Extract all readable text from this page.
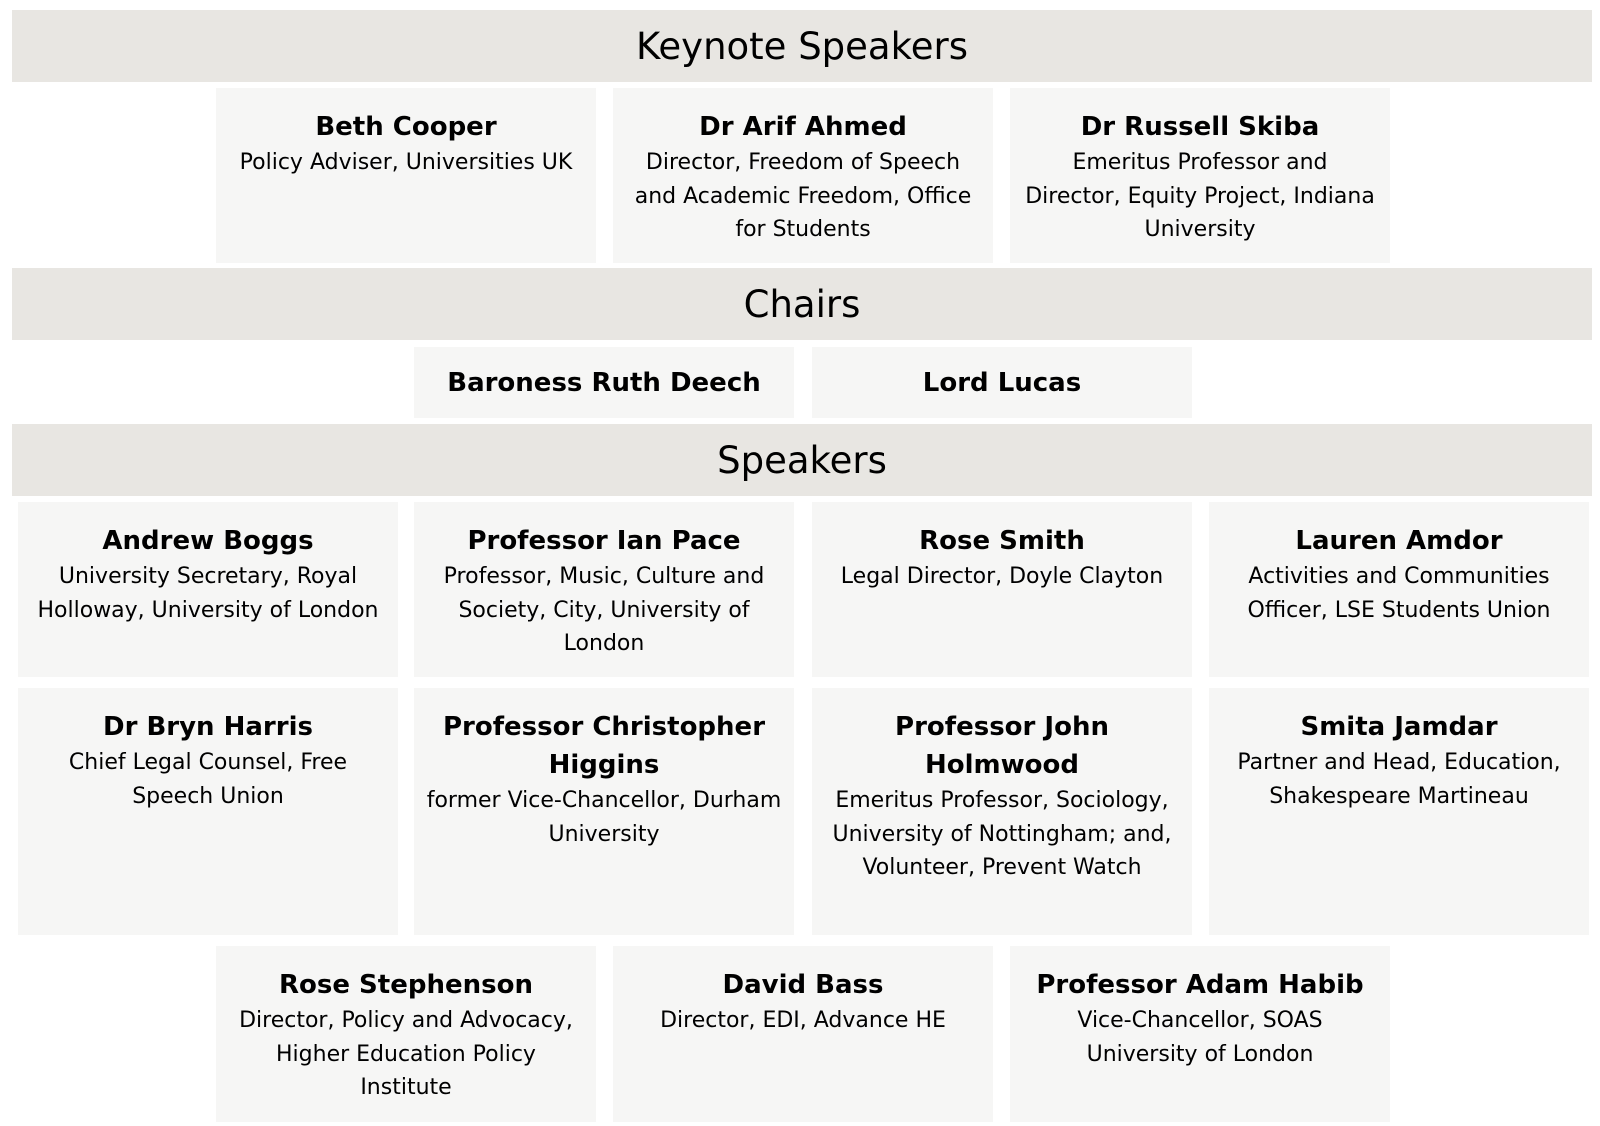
Keynote Speakers
Chairs
Speakers

Beth Cooper

Policy Adviser, Universities UK

Dr Arif Ahmed

Director, Freedom of Speech and Academic Freedom, Office for Students

Dr Russell Skiba

Emeritus Professor and Director, Equity Project, Indiana University

Baroness Ruth Deech	Lord Lucas

Andrew Boggs

University Secretary, Royal Holloway, University of London

Professor Ian Pace

Professor, Music, Culture and Society, City, University of London

Rose Smith

Legal Director, Doyle Clayton

Lauren Amdor

Activities and Communities Officer, LSE Students Union

Dr Bryn Harris

Chief Legal Counsel, Free Speech Union

Professor Christopher Higgins

former Vice-Chancellor, Durham University

Professor John Holmwood

Emeritus Professor, Sociology, University of Nottingham; and, Volunteer, Prevent Watch

Smita Jamdar

Partner and Head, Education, Shakespeare Martineau

Rose Stephenson

Director, Policy and Advocacy, Higher Education Policy Institute

David Bass

Director, EDI, Advance HE

Professor Adam Habib

Vice-Chancellor, SOAS University of London
